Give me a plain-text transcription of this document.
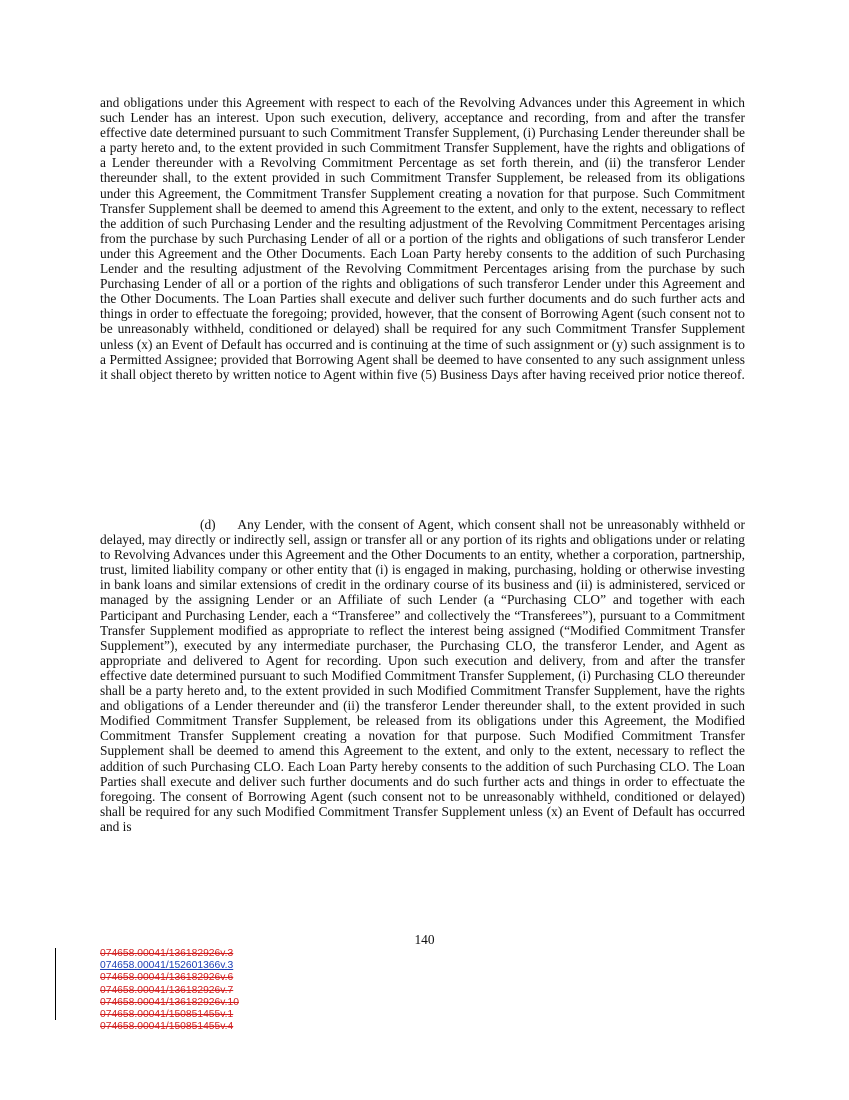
and obligations under this Agreement with respect to each of the Revolving Advances under this Agreement in which such Lender has an interest. Upon such execution, delivery, acceptance and recording, from and after the transfer effective date determined pursuant to such Commitment Transfer Supplement, (i) Purchasing Lender thereunder shall be a party hereto and, to the extent provided in such Commitment Transfer Supplement, have the rights and obligations of a Lender thereunder with a Revolving Commitment Percentage as set forth therein, and (ii) the transferor Lender thereunder shall, to the extent provided in such Commitment Transfer Supplement, be released from its obligations under this Agreement, the Commitment Transfer Supplement creating a novation for that purpose. Such Commitment Transfer Supplement shall be deemed to amend this Agreement to the extent, and only to the extent, necessary to reflect the addition of such Purchasing Lender and the resulting adjustment of the Revolving Commitment Percentages arising from the purchase by such Purchasing Lender of all or a portion of the rights and obligations of such transferor Lender under this Agreement and the Other Documents. Each Loan Party hereby consents to the addition of such Purchasing Lender and the resulting adjustment of the Revolving Commitment Percentages arising from the purchase by such Purchasing Lender of all or a portion of the rights and obligations of such transferor Lender under this Agreement and the Other Documents. The Loan Parties shall execute and deliver such further documents and do such further acts and things in order to effectuate the foregoing; provided, however, that the consent of Borrowing Agent (such consent not to be unreasonably withheld, conditioned or delayed) shall be required for any such Commitment Transfer Supplement unless (x) an Event of Default has occurred and is continuing at the time of such assignment or (y) such assignment is to a Permitted Assignee; provided that Borrowing Agent shall be deemed to have consented to any such assignment unless it shall object thereto by written notice to Agent within five (5) Business Days after having received prior notice thereof.

(d) Any Lender, with the consent of Agent, which consent shall not be unreasonably withheld or delayed, may directly or indirectly sell, assign or transfer all or any portion of its rights and obligations under or relating to Revolving Advances under this Agreement and the Other Documents to an entity, whether a corporation, partnership, trust, limited liability company or other entity that (i) is engaged in making, purchasing, holding or otherwise investing in bank loans and similar extensions of credit in the ordinary course of its business and (ii) is administered, serviced or managed by the assigning Lender or an Affiliate of such Lender (a “Purchasing CLO” and together with each Participant and Purchasing Lender, each a “Transferee” and collectively the “Transferees”), pursuant to a Commitment Transfer Supplement modified as appropriate to reflect the interest being assigned (“Modified Commitment Transfer Supplement”), executed by any intermediate purchaser, the Purchasing CLO, the transferor Lender, and Agent as appropriate and delivered to Agent for recording. Upon such execution and delivery, from and after the transfer effective date determined pursuant to such Modified Commitment Transfer Supplement, (i) Purchasing CLO thereunder shall be a party hereto and, to the extent provided in such Modified Commitment Transfer Supplement, have the rights and obligations of a Lender thereunder and (ii) the transferor Lender thereunder shall, to the extent provided in such Modified Commitment Transfer Supplement, be released from its obligations under this Agreement, the Modified Commitment Transfer Supplement creating a novation for that purpose. Such Modified Commitment Transfer Supplement shall be deemed to amend this Agreement to the extent, and only to the extent, necessary to reflect the addition of such Purchasing CLO. Each Loan Party hereby consents to the addition of such Purchasing CLO. The Loan Parties shall execute and deliver such further documents and do such further acts and things in order to effectuate the foregoing. The consent of Borrowing Agent (such consent not to be unreasonably withheld, conditioned or delayed) shall be required for any such Modified Commitment Transfer Supplement unless (x) an Event of Default has occurred and is

140
074658.00041/136182926v.3
074658.00041/152601366v.3
074658.00041/136182926v.6
074658.00041/136182926v.7
074658.00041/136182926v.10
074658.00041/150851455v.1
074658.00041/150851455v.4
